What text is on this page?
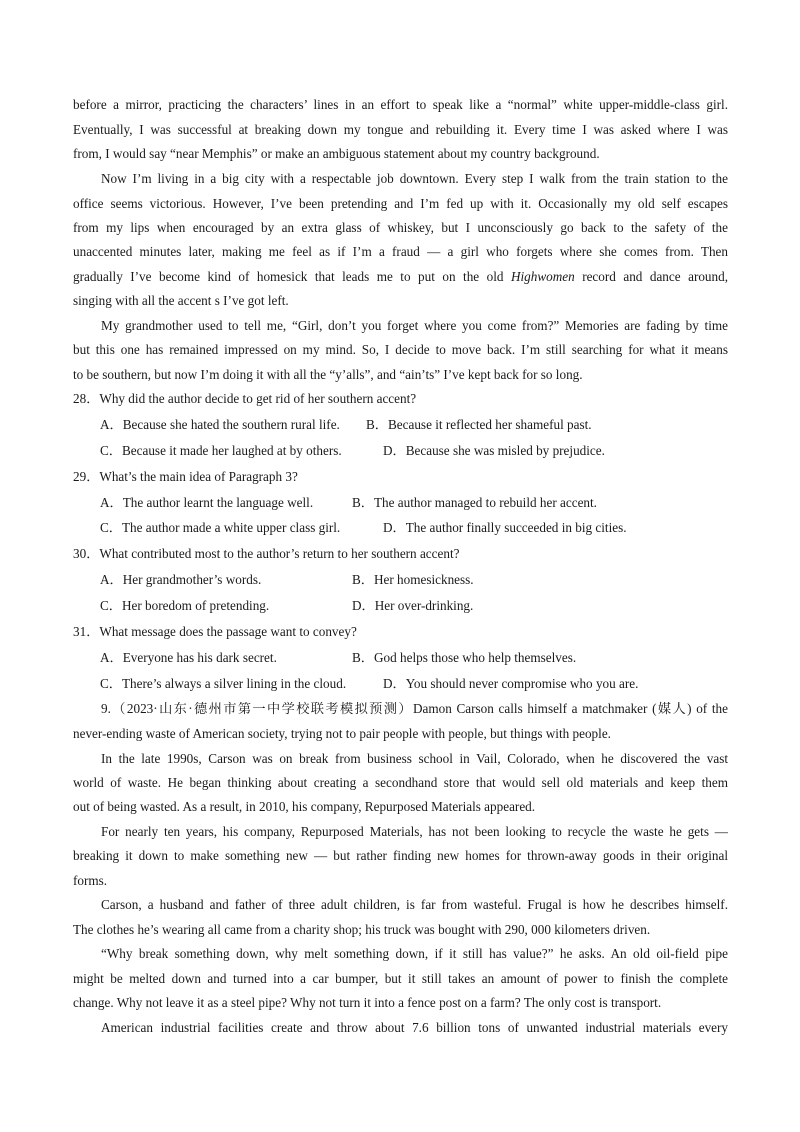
before a mirror, practicing the characters’ lines in an effort to speak like a “normal” white upper-middle-class girl.
Eventually, I was successful at breaking down my tongue and rebuilding it. Every time I was asked where I was
from, I would say “near Memphis” or make an ambiguous statement about my country background.
Now I’m living in a big city with a respectable job downtown. Every step I walk from the train station to the
office seems victorious. However, I’ve been pretending and I’m fed up with it. Occasionally my old self escapes
from my lips when encouraged by an extra glass of whiskey, but I unconsciously go back to the safety of the
unaccented minutes later, making me feel as if I’m a fraud — a girl who forgets where she comes from. Then
gradually I’ve become kind of homesick that leads me to put on the old Highwomen record and dance around,
singing with all the accent s I’ve got left.
My grandmother used to tell me, “Girl, don’t you forget where you come from?” Memories are fading by time
but this one has remained impressed on my mind. So, I decide to move back. I’m still searching for what it means
to be southern, but now I’m doing it with all the “y’alls”, and “ain’ts” I’ve kept back for so long.
28．Why did the author decide to get rid of her southern accent?
A．Because she hated the southern rural life. B．Because it reflected her shameful past.
C．Because it made her laughed at by others.	D．Because she was misled by prejudice.
29．What’s the main idea of Paragraph 3?
A．The author learnt the language well.	B．The author managed to rebuild her accent.
C．The author made a white upper class girl.	D．The author finally succeeded in big cities.
30．What contributed most to the author’s return to her southern accent?
A．Her grandmother’s words.	B．Her homesickness.
C．Her boredom of pretending.	D．Her over-drinking.
31．What message does the passage want to convey?
A．Everyone has his dark secret.	B．God helps those who help themselves.
C．There’s always a silver lining in the cloud.	D．You should never compromise who you are.
9.（2023·山东·德州市第一中学校联考模拟预测）Damon Carson calls himself a matchmaker (媒人) of the
never-ending waste of American society, trying not to pair people with people, but things with people.
In the late 1990s, Carson was on break from business school in Vail, Colorado, when he discovered the vast
world of waste. He began thinking about creating a secondhand store that would sell old materials and keep them
out of being wasted. As a result, in 2010, his company, Repurposed Materials appeared.
For nearly ten years, his company, Repurposed Materials, has not been looking to recycle the waste he gets —
breaking it down to make something new — but rather finding new homes for thrown-away goods in their original
forms.
Carson, a husband and father of three adult children, is far from wasteful. Frugal is how he describes himself.
The clothes he’s wearing all came from a charity shop; his truck was bought with 290, 000 kilometers driven.
“Why break something down, why melt something down, if it still has value?” he asks. An old oil-field pipe
might be melted down and turned into a car bumper, but it still takes an amount of power to finish the complete
change. Why not leave it as a steel pipe? Why not turn it into a fence post on a farm? The only cost is transport.
American industrial facilities create and throw about 7.6 billion tons of unwanted industrial materials every
